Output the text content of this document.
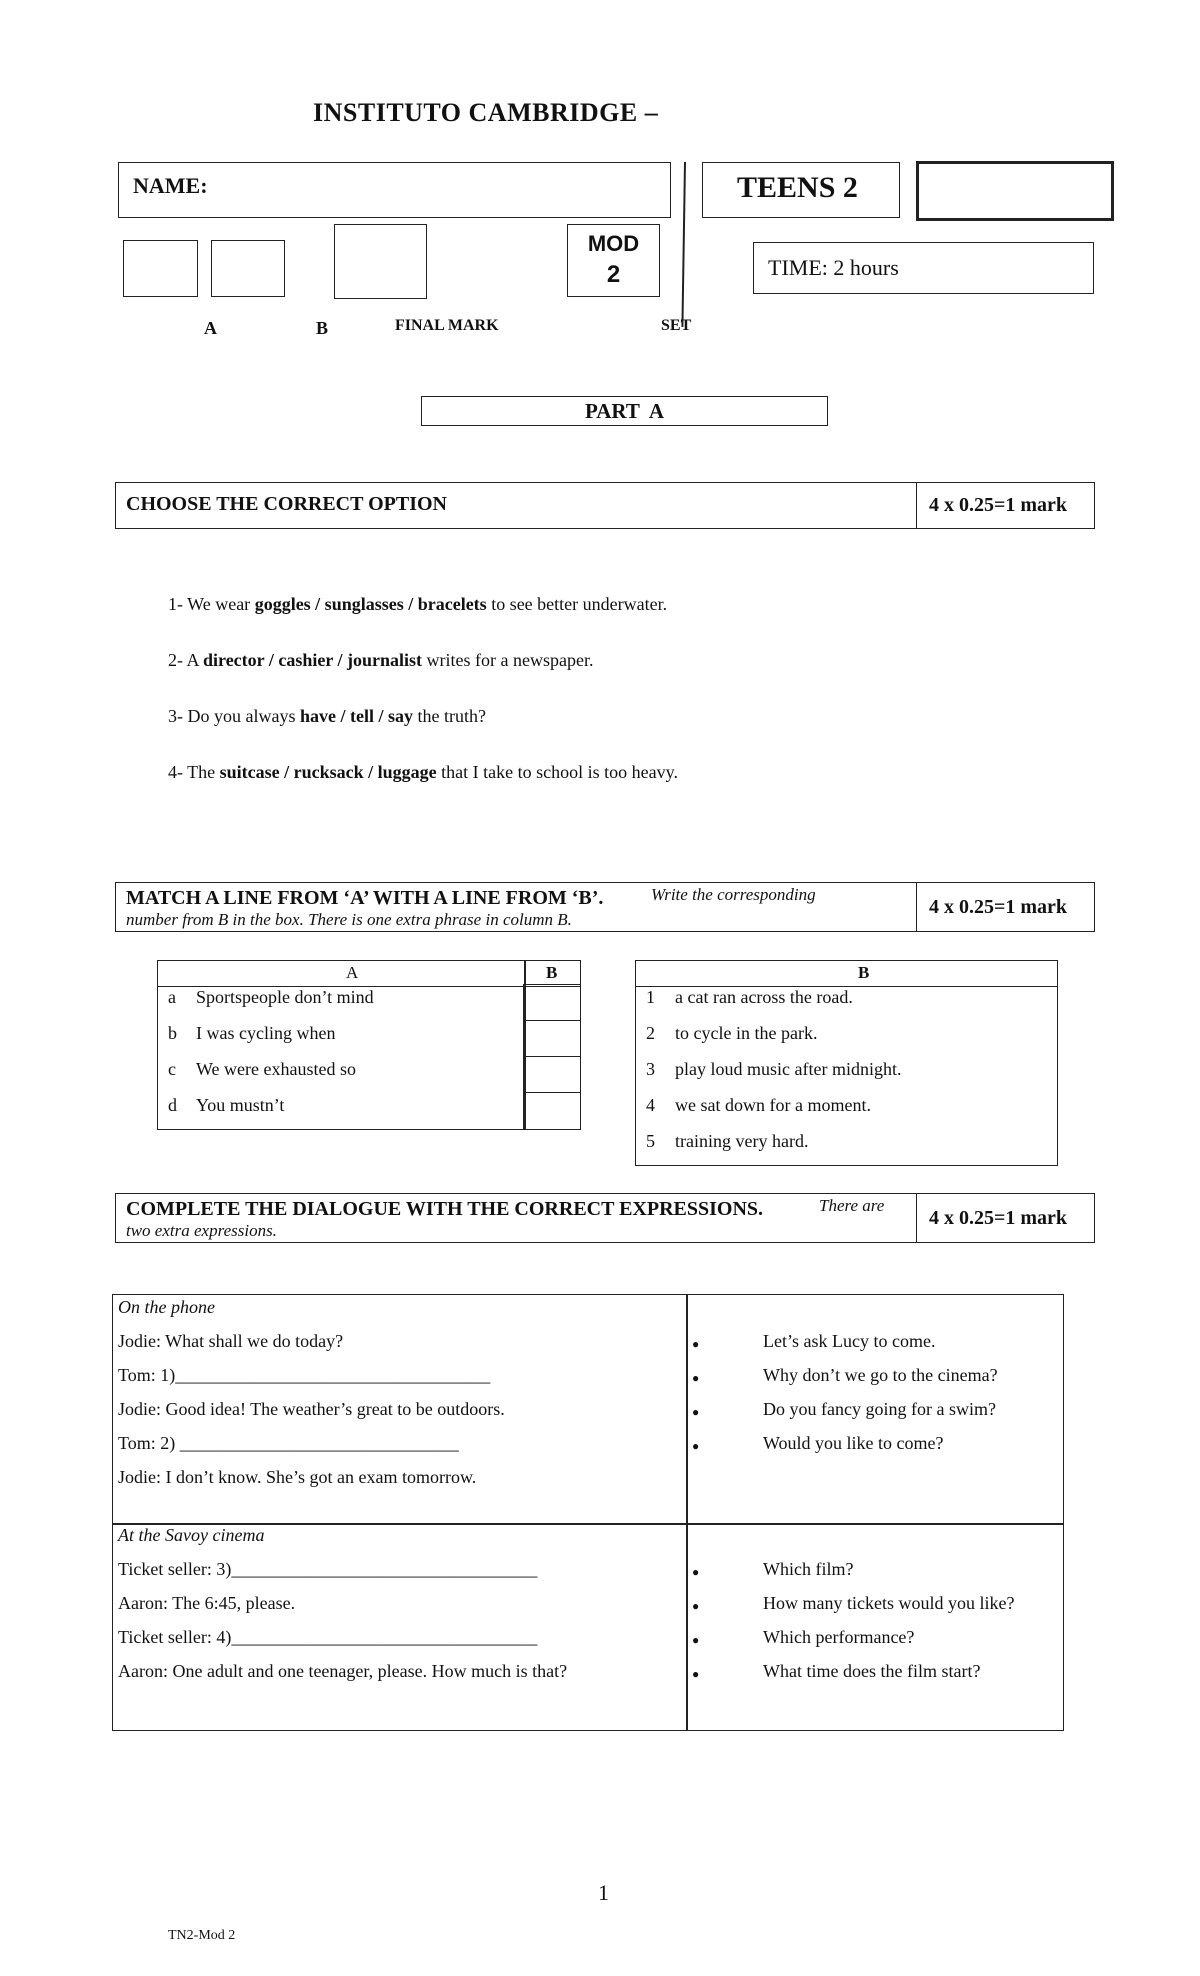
INSTITUTO CAMBRIDGE –
NAME:	TEENS 2
MOD
2	TIME: 2 hours
A	B	FINAL MARK	SET
PART  A
CHOOSE THE CORRECT OPTION	4 x 0.25=1 mark
1- We wear goggles / sunglasses / bracelets to see better underwater.
2- A director / cashier / journalist writes for a newspaper.
3- Do you always have / tell / say the truth?
4- The suitcase / rucksack / luggage that I take to school is too heavy.
MATCH A LINE FROM ‘A’ WITH A LINE FROM ‘B’.	Write the corresponding
number from B in the box. There is one extra phrase in column B.
4 x 0.25=1 mark
A	B
a Sportspeople don’t mind
b I was cycling when
c We were exhausted so
d You mustn’t
B
1 a cat ran across the road.
2 to cycle in the park.
3 play loud music after midnight.
4 we sat down for a moment.
5 training very hard.
COMPLETE THE DIALOGUE WITH THE CORRECT EXPRESSIONS.	There are
two extra expressions.
4 x 0.25=1 mark
On the phone
Jodie: What shall we do today?
Tom: 1)___________________________________
Jodie: Good idea! The weather’s great to be outdoors.
Tom: 2) _______________________________
Jodie: I don’t know. She’s got an exam tomorrow.
●	Let’s ask Lucy to come.
●	Why don’t we go to the cinema?
●	Do you fancy going for a swim?
●	Would you like to come?
At the Savoy cinema
Ticket seller: 3)__________________________________
Aaron: The 6:45, please.
Ticket seller: 4)__________________________________
Aaron: One adult and one teenager, please. How much is that?
●	Which film?
●	How many tickets would you like?
●	Which performance?
●	What time does the film start?
1
TN2-Mod 2
